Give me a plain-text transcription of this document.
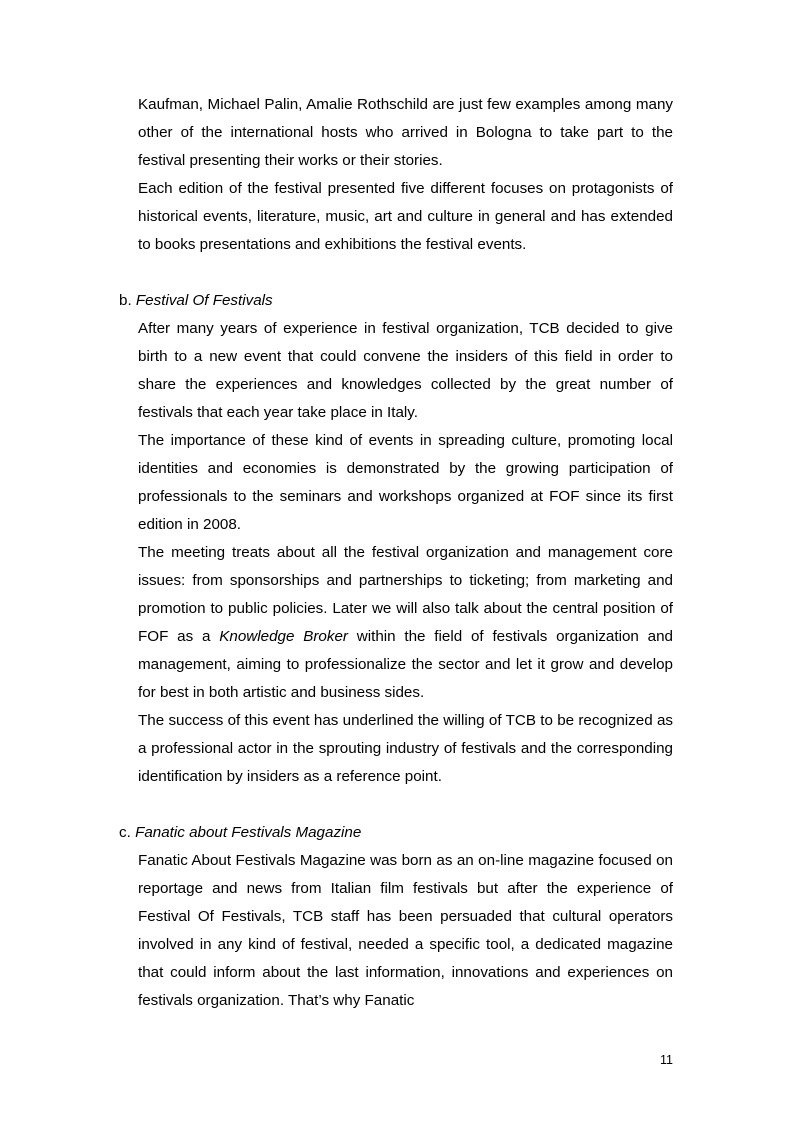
Kaufman, Michael Palin, Amalie Rothschild are just few examples among many other of the international hosts who arrived in Bologna to take part to the festival presenting their works or their stories.

Each edition of the festival presented five different focuses on protagonists of historical events, literature, music, art and culture in general and has extended to books presentations and exhibitions the festival events.

b. Festival Of Festivals

After many years of experience in festival organization, TCB decided to give birth to a new event that could convene the insiders of this field in order to share the experiences and knowledges collected by the great number of festivals that each year take place in Italy.

The importance of these kind of events in spreading culture, promoting local identities and economies is demonstrated by the growing participation of professionals to the seminars and workshops organized at FOF since its first edition in 2008.

The meeting treats about all the festival organization and management core issues: from sponsorships and partnerships to ticketing; from marketing and promotion to public policies. Later we will also talk about the central position of FOF as a Knowledge Broker within the field of festivals organization and management, aiming to professionalize the sector and let it grow and develop for best in both artistic and business sides.

The success of this event has underlined the willing of TCB to be recognized as a professional actor in the sprouting industry of festivals and the corresponding identification by insiders as a reference point.

c. Fanatic about Festivals Magazine

Fanatic About Festivals Magazine was born as an on-line magazine focused on reportage and news from Italian film festivals but after the experience of Festival Of Festivals, TCB staff has been persuaded that cultural operators involved in any kind of festival, needed a specific tool, a dedicated magazine that could inform about the last information, innovations and experiences on festivals organization. That’s why Fanatic

11
